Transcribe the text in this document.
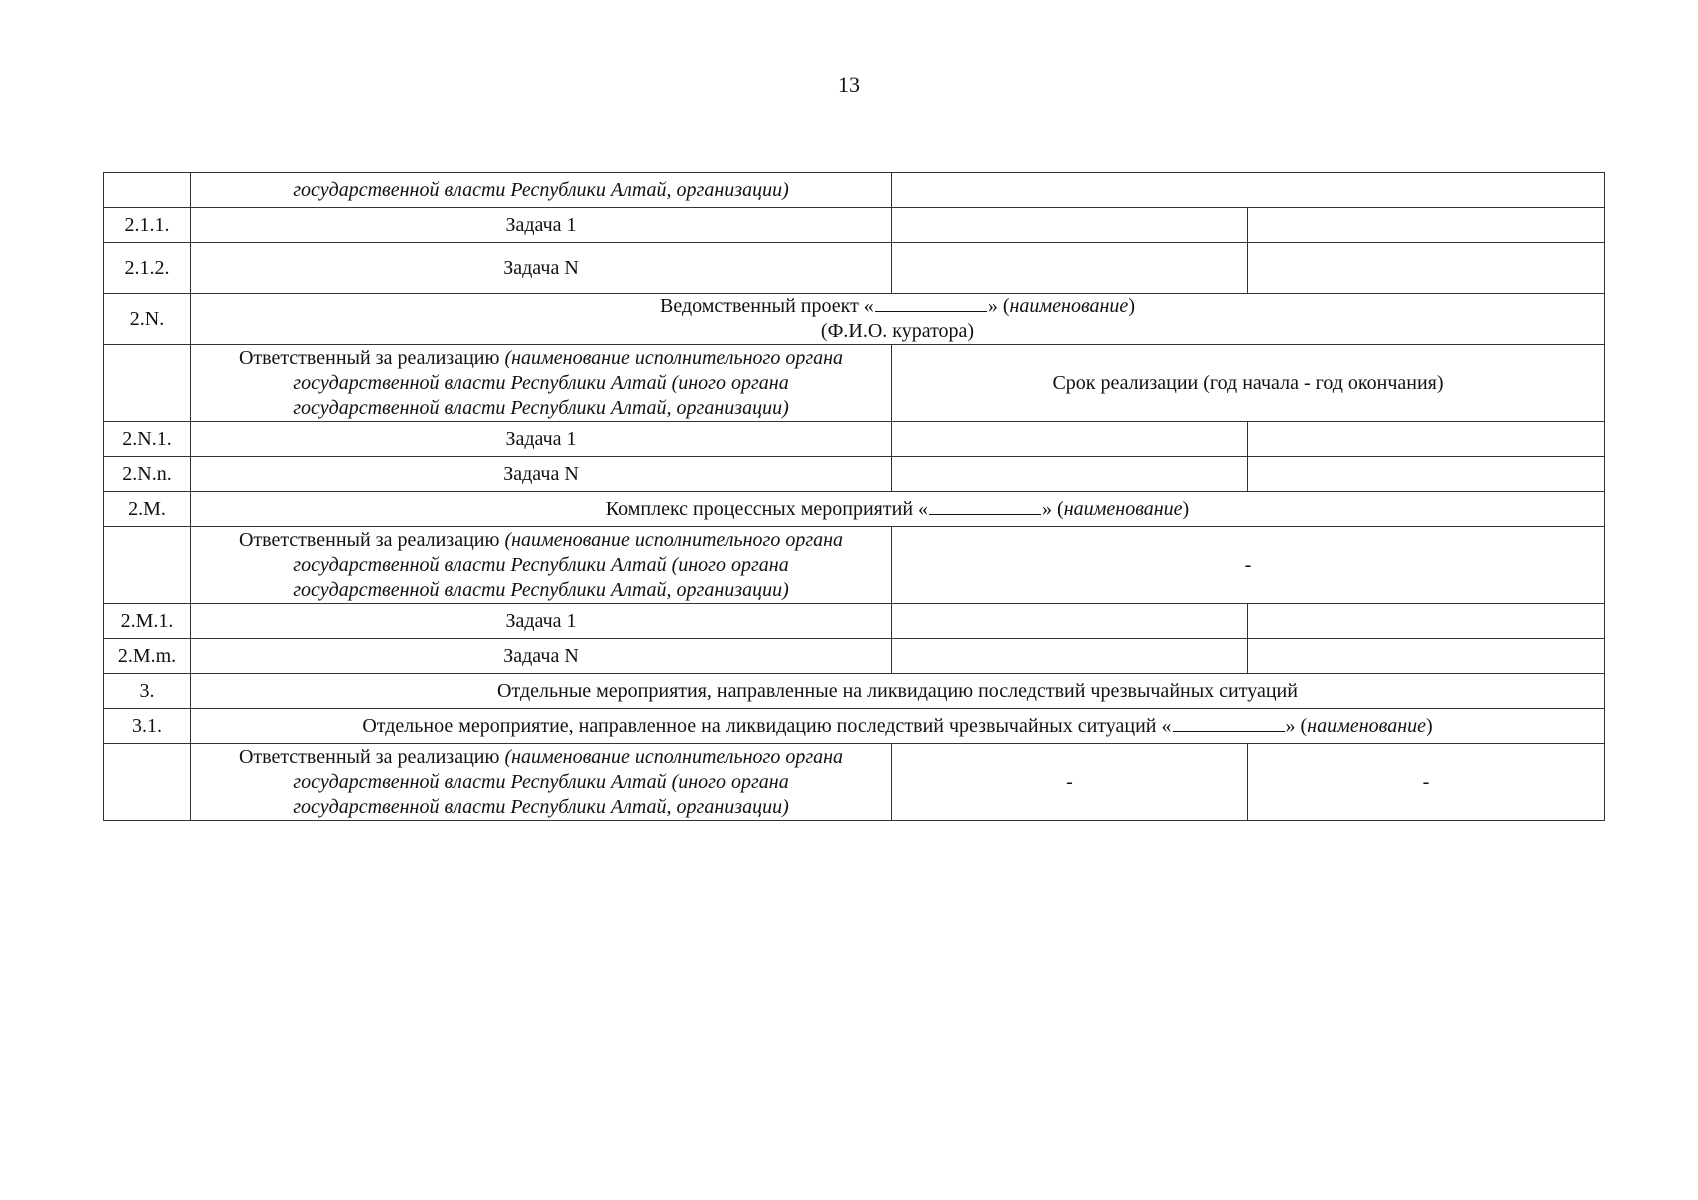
13
	государственной власти Республики Алтай, организации)		
2.1.1.	Задача 1		
2.1.2.	Задача N		
2.N.	Ведомственный проект « » (наименование)
(Ф.И.О. куратора)		

	Ответственный за реализацию (наименование исполнительного органа
государственной власти Республики Алтай (иного органа
государственной власти Республики Алтай, организации)	Срок реализации (год начала - год окончания)	
2.N.1.	Задача 1		
2.N.n.	Задача N		
2.M.	Комплекс процессных мероприятий « » (наименование)		

	Ответственный за реализацию (наименование исполнительного органа
государственной власти Республики Алтай (иного органа
государственной власти Республики Алтай, организации)	-	
2.M.1.	Задача 1		
2.M.m.	Задача N		
3.	Отдельные мероприятия, направленные на ликвидацию последствий чрезвычайных ситуаций		
3.1.	Отдельное мероприятие, направленное на ликвидацию последствий чрезвычайных ситуаций « » (наименование)		

	Ответственный за реализацию (наименование исполнительного органа
государственной власти Республики Алтай (иного органа
государственной власти Республики Алтай, организации)	-	-
